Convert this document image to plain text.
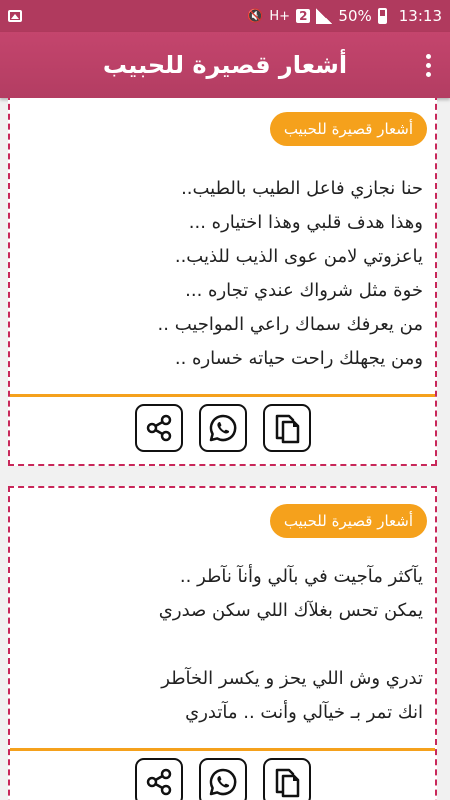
🔇 H+ 2 50% 13:13
أشعار قصيرة للحبيب
أشعار قصيرة للحبيب
حنا نجازي فاعل الطيب بالطيب..
وهذا هدف قلبي وهذا اختياره ...
ياعزوتي لامن عوى الذيب للذيب..
خوة مثل شرواك عندي تجاره ...
من يعرفك سماك راعي المواجيب ..
ومن يجهلك راحت حياته خساره ..
أشعار قصيرة للحبيب
يآكثر مآجيت في بآلي وأنآ نآطر ..
يمكن تحس بغلآك اللي سكن صدري
تدري وش اللي يحز و يكسر الخآطر
انك تمر بـ خيآلي وأنت .. مآتدري
